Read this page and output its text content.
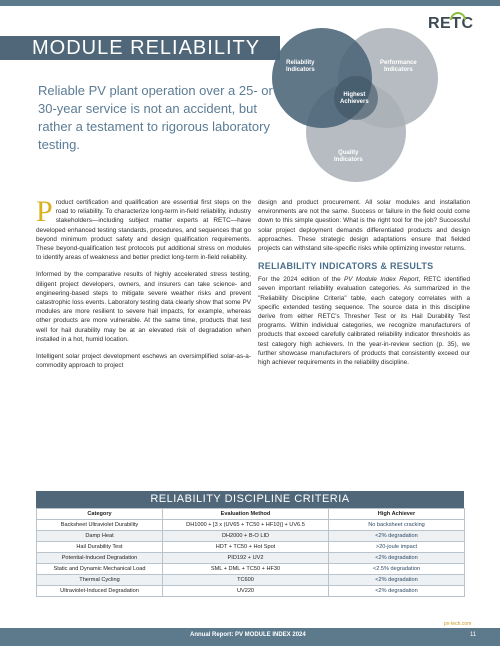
RETC
MODULE RELIABILITY
Reliable PV plant operation over a 25- or 30-year service is not an accident, but rather a testament to rigorous laboratory testing.
Reliability
Indicators
Performance
Indicators
Quality
Indicators
Highest
Achievers

Product certification and qualification are essential first steps on the road to reliability. To characterize long-term in-field reliability, industry stakeholders—including subject matter experts at RETC—have developed enhanced testing standards, procedures, and sequences that go beyond minimum product safety and design qualification requirements. These beyond-qualification test protocols put additional stress on modules to identify areas of weakness and better predict long-term in-field reliability.

Informed by the comparative results of highly accelerated stress testing, diligent project developers, owners, and insurers can take science- and engineering-based steps to mitigate severe weather risks and prevent catastrophic loss events. Laboratory testing data clearly show that some PV modules are more resilient to severe hail impacts, for example, whereas other products are more vulnerable. At the same time, products that test well for hail durability may be at an elevated risk of degradation when installed in a hot, humid location.

Intelligent solar project development eschews an oversimplified solar-as-a-commodity approach to project

design and product procurement. All solar modules and installation environments are not the same. Success or failure in the field could come down to this simple question: What is the right tool for the job? Successful solar project deployment demands differentiated products and design approaches. These strategic design adaptations ensure that fielded projects can withstand site-specific risks while optimizing investor returns.

RELIABILITY INDICATORS & RESULTS

For the 2024 edition of the PV Module Index Report, RETC identified seven important reliability evaluation categories. As summarized in the "Reliability Discipline Criteria" table, each category correlates with a specific extended testing sequence. The source data in this discipline derive from either RETC's Thresher Test or its Hail Durability Test programs. Within individual categories, we recognize manufacturers of products that exceed carefully calibrated reliability indicator thresholds as test category high achievers. In the year-in-review section (p. 35), we further showcase manufacturers of products that consistently exceed our high achiever requirements in the reliability discipline.

RELIABILITY DISCIPLINE CRITERIA
Category	Evaluation Method	High Achiever
Backsheet Ultraviolet Durability	DH1000 + [3 x (UV65 + TC50 + HF10)] + UV6.5	No backsheet cracking
Damp Heat	DH2000 + B-O LID	<2% degradation
Hail Durability Test	HDT + TC50 + Hot Spot	>20-joule impact
Potential-Induced Degradation	PID192 + UV2	<2% degradation
Static and Dynamic Mechanical Load	SML + DML + TC50 + HF30	<2.5% degradation
Thermal Cycling	TC600	<2% degradation
Ultraviolet-Induced Degradation	UV220	<2% degradation
pv-tech.com
Annual Report: PV MODULE INDEX 2024	11
